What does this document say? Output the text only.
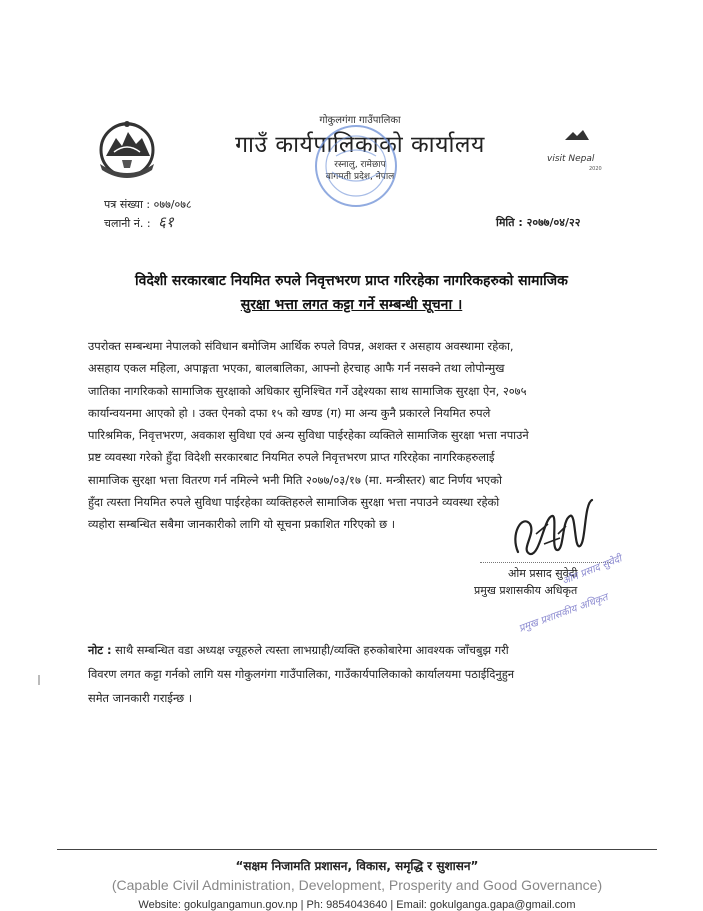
visit Nepal
2020
गोकुलगंगा गाउँपालिका
गाउँ कार्यपालिकाको कार्यालय
रस्नालु, रामेछाप
बागमती प्रदेश, नेपाल
पत्र संख्या : ०७७/०७८
चलानी नं. : ६१	मिति : २०७७/०४/२२
विदेशी सरकारबाट नियमित रुपले निवृत्तभरण प्राप्त गरिरहेका नागरिकहरुको सामाजिक
सुरक्षा भत्ता लगत कट्टा गर्ने सम्बन्धी सूचना ।
उपरोक्त सम्बन्धमा नेपालको संविधान बमोजिम आर्थिक रुपले विपन्न, अशक्त र असहाय अवस्थामा रहेका,
असहाय एकल महिला, अपाङ्गता भएका, बालबालिका, आफ्नो हेरचाह आफै गर्न नसक्ने तथा लोपोन्मुख
जातिका नागरिकको सामाजिक सुरक्षाको अधिकार सुनिश्चित गर्ने उद्देश्यका साथ सामाजिक सुरक्षा ऐन, २०७५
कार्यान्वयनमा आएको हो । उक्त ऐनको दफा १५ को खण्ड (ग) मा अन्य कुनै प्रकारले नियमित रुपले
पारिश्रमिक, निवृत्तभरण, अवकाश सुविधा एवं अन्य सुविधा पाईरहेका व्यक्तिले सामाजिक सुरक्षा भत्ता नपाउने
प्रष्ट व्यवस्था गरेको हुँदा विदेशी सरकारबाट नियमित रुपले निवृत्तभरण प्राप्त गरिरहेका नागरिकहरुलाई
सामाजिक सुरक्षा भत्ता वितरण गर्न नमिल्ने भनी मिति २०७७/०३/१७ (मा. मन्त्रीस्तर) बाट निर्णय भएको
हुँदा त्यस्ता नियमित रुपले सुविधा पाईरहेका व्यक्तिहरुले सामाजिक सुरक्षा भत्ता नपाउने व्यवस्था रहेको
व्यहोरा सम्बन्धित सबैमा जानकारीको लागि यो सूचना प्रकाशित गरिएको छ ।
ओम प्रसाद सुवेदी
प्रमुख प्रशासकीय अधिकृत
ओम प्रसाद सुवेदी
प्रमुख प्रशासकीय अधिकृत
नोट : साथै सम्बन्धित वडा अध्यक्ष ज्यूहरुले त्यस्ता लाभग्राही/व्यक्ति हरुकोबारेमा आवश्यक जाँचबुझ गरी
विवरण लगत कट्टा गर्नको लागि यस गोकुलगंगा गाउँपालिका, गाउँकार्यपालिकाको कार्यालयमा पठाईदिनुहुन
समेत जानकारी गराईन्छ ।
“सक्षम निजामति प्रशासन, विकास, समृद्धि र सुशासन”
(Capable Civil Administration, Development, Prosperity and Good Governance)
Website: gokulgangamun.gov.np | Ph: 9854043640 | Email: gokulganga.gapa@gmail.com
